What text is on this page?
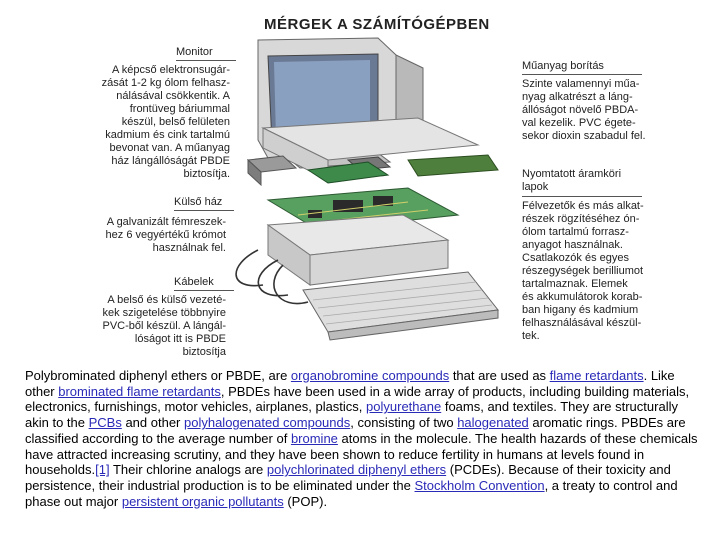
MÉRGEK A SZÁMÍTÓGÉPBEN
Monitor
A képcső elektronsugár-
zását 1-2 kg ólom felhasz-
nálásával csökkentik. A
frontüveg báriummal
készül, belső felületen
kadmium és cink tartalmú
bevonat van. A műanyag
ház lángállóságát PBDE
biztosítja.
Külső ház
A galvanizált fémreszek-
hez 6 vegyértékű krómot
használnak fel.
Kábelek
A belső és külső vezeté-
kek szigetelése többnyire
PVC-ből készül. A lángál-
lóságot itt is PBDE
biztosítja
Műanyag borítás
Szinte valamennyi műa-
nyag alkatrészt a láng-
állóságot növelő PBDA-
val kezelik. PVC égete-
sekor dioxin szabadul fel.
Nyomtatott áramköri
lapok
Félvezetők és más alkat-
részek rögzítéséhez ón-
ólom tartalmú forrasz-
anyagot használnak.
Csatlakozók és egyes
részegységek berilliumot
tartalmaznak. Elemek
és akkumulátorok korab-
ban higany és kadmium
felhasználásával készül-
tek.
Polybrominated diphenyl ethers or PBDE, are organobromine compounds that are used as flame retardants. Like other brominated flame retardants, PBDEs have been used in a wide array of products, including building materials, electronics, furnishings, motor vehicles, airplanes, plastics, polyurethane foams, and textiles. They are structurally akin to the PCBs and other polyhalogenated compounds, consisting of two halogenated aromatic rings. PBDEs are classified according to the average number of bromine atoms in the molecule. The health hazards of these chemicals have attracted increasing scrutiny, and they have been shown to reduce fertility in humans at levels found in households.[1] Their chlorine analogs are polychlorinated diphenyl ethers (PCDEs). Because of their toxicity and persistence, their industrial production is to be eliminated under the Stockholm Convention, a treaty to control and phase out major persistent organic pollutants (POP).
